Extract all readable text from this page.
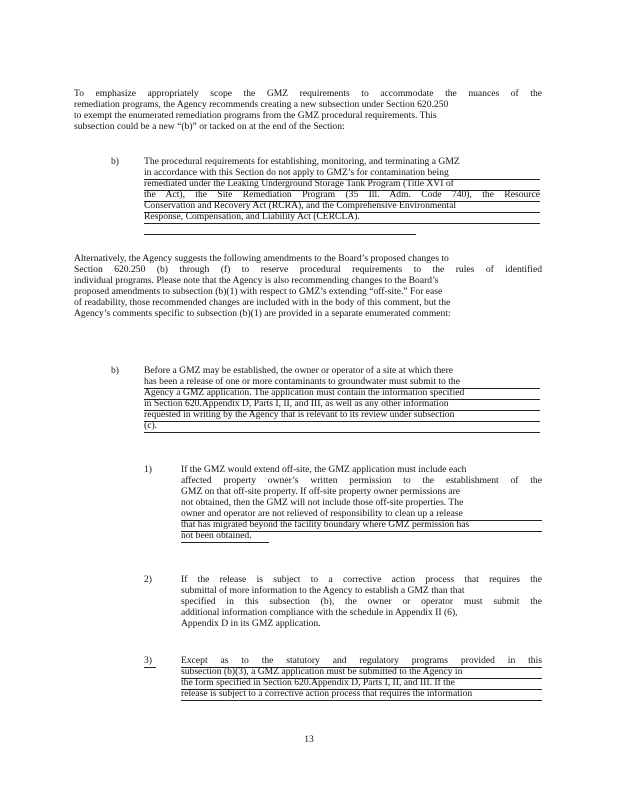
To emphasize appropriately scope the GMZ requirements to accommodate the nuances of the
remediation programs, the Agency recommends creating a new subsection under Section 620.250
to exempt the enumerated remediation programs from the GMZ procedural requirements. This
subsection could be a new “(b)” or tacked on at the end of the Section:
b)	The procedural requirements for establishing, monitoring, and terminating a GMZ
in accordance with this Section do not apply to GMZ’s for contamination being
remediated under the Leaking Underground Storage Tank Program (Title XVI of
the Act), the Site Remediation Program (35 Ill. Adm. Code 740), the Resource
Conservation and Recovery Act (RCRA), and the Comprehensive Environmental
Response, Compensation, and Liability Act (CERCLA).
Alternatively, the Agency suggests the following amendments to the Board’s proposed changes to
Section 620.250 (b) through (f) to reserve procedural requirements to the rules of identified
individual programs. Please note that the Agency is also recommending changes to the Board’s
proposed amendments to subsection (b)(1) with respect to GMZ’s extending “off-site.” For ease
of readability, those recommended changes are included with in the body of this comment, but the
Agency’s comments specific to subsection (b)(1) are provided in a separate enumerated comment:
b)	Before a GMZ may be established, the owner or operator of a site at which there
has been a release of one or more contaminants to groundwater must submit to the
Agency a GMZ application. The application must contain the information specified
in Section 620.Appendix D, Parts I, II, and III, as well as any other information
requested in writing by the Agency that is relevant to its review under subsection
(c).
1)	If the GMZ would extend off-site, the GMZ application must include each
affected property owner’s written permission to the establishment of the
GMZ on that off-site property. If off-site property owner permissions are
not obtained, then the GMZ will not include those off-site properties. The
owner and operator are not relieved of responsibility to clean up a release
that has migrated beyond the facility boundary where GMZ permission has
not been obtained.
2)	If the release is subject to a corrective action process that requires the
submittal of more information to the Agency to establish a GMZ than that
specified in this subsection (b), the owner or operator must submit the
additional information compliance with the schedule in Appendix II (6),
Appendix D in its GMZ application.
3)	Except as to the statutory and regulatory programs provided in this
subsection (b)(3), a GMZ application must be submitted to the Agency in
the form specified in Section 620.Appendix D, Parts I, II, and III. If the
release is subject to a corrective action process that requires the information
13
